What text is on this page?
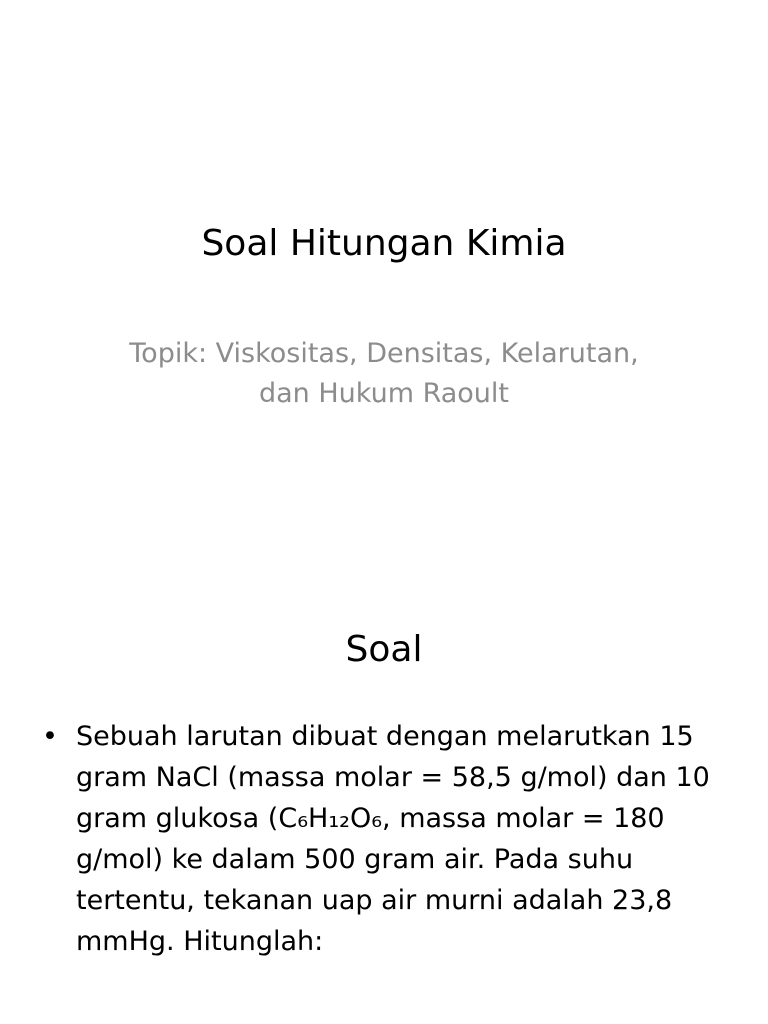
Soal Hitungan Kimia
Topik: Viskositas, Densitas, Kelarutan,
dan Hukum Raoult
Soal
• Sebuah larutan dibuat dengan melarutkan 15 gram NaCl (massa molar = 58,5 g/mol) dan 10 gram glukosa (C₆H₁₂O₆, massa molar = 180 g/mol) ke dalam 500 gram air. Pada suhu tertentu, tekanan uap air murni adalah 23,8 mmHg. Hitunglah:
